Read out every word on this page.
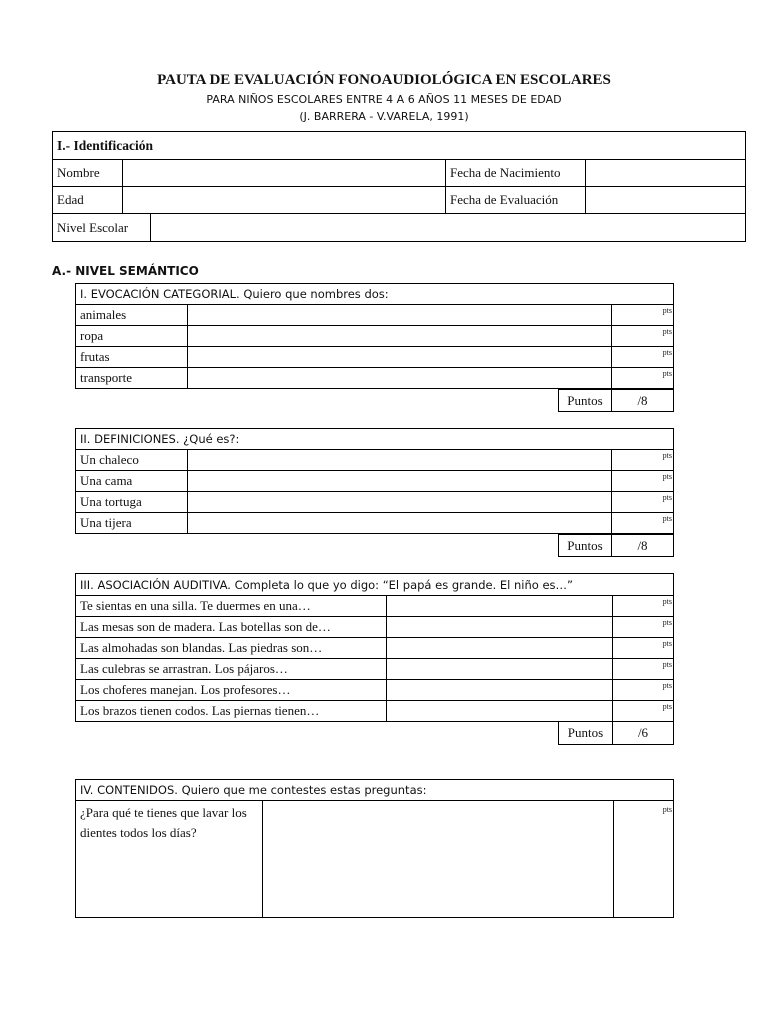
PAUTA DE EVALUACIÓN FONOAUDIOLÓGICA EN ESCOLARES
PARA NIÑOS ESCOLARES ENTRE 4 A 6 AÑOS 11 MESES DE EDAD
(J. BARRERA - V.VARELA, 1991)
I.- Identificación				
Nombre			Fecha de Nacimiento	
Edad			Fecha de Evaluación	
Nivel Escolar				
A.- NIVEL SEMÁNTICO
I. EVOCACIÓN CATEGORIAL. Quiero que nombres dos:		
animales		pts
ropa		pts
frutas		pts
transporte		pts
Puntos	/8
II. DEFINICIONES. ¿Qué es?:		
Un chaleco		pts
Una cama		pts
Una tortuga		pts
Una tijera		pts
Puntos	/8
III. ASOCIACIÓN AUDITIVA. Completa lo que yo digo: “El papá es grande. El niño es…”		
Te sientas en una silla. Te duermes en una…		pts
Las mesas son de madera. Las botellas son de…		pts
Las almohadas son blandas. Las piedras son…		pts
Las culebras se arrastran. Los pájaros…		pts
Los choferes manejan. Los profesores…		pts
Los brazos tienen codos. Las piernas tienen…		pts
Puntos	/6
IV. CONTENIDOS. Quiero que me contestes estas preguntas:
¿Para qué te tienes que lavar los dientes todos los días?		pts
